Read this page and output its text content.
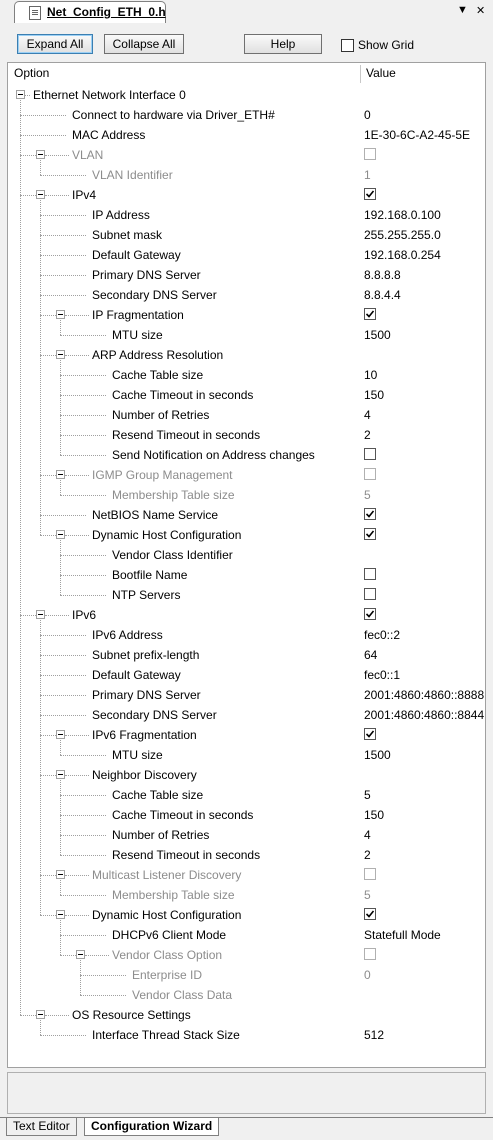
Net_Config_ETH_0.h	▼ ✕
Expand All	Collapse All	Help	Show Grid
Option	Value
Ethernet Network Interface 0
Connect to hardware via Driver_ETH#	0
MAC Address	1E-30-6C-A2-45-5E
VLAN
VLAN Identifier	1
IPv4
IP Address	192.168.0.100
Subnet mask	255.255.255.0
Default Gateway	192.168.0.254
Primary DNS Server	8.8.8.8
Secondary DNS Server	8.8.4.4
IP Fragmentation
MTU size	1500
ARP Address Resolution
Cache Table size	10
Cache Timeout in seconds	150
Number of Retries	4
Resend Timeout in seconds	2
Send Notification on Address changes
IGMP Group Management
Membership Table size	5
NetBIOS Name Service
Dynamic Host Configuration
Vendor Class Identifier
Bootfile Name
NTP Servers
IPv6
IPv6 Address	fec0::2
Subnet prefix-length	64
Default Gateway	fec0::1
Primary DNS Server	2001:4860:4860::8888
Secondary DNS Server	2001:4860:4860::8844
IPv6 Fragmentation
MTU size	1500
Neighbor Discovery
Cache Table size	5
Cache Timeout in seconds	150
Number of Retries	4
Resend Timeout in seconds	2
Multicast Listener Discovery
Membership Table size	5
Dynamic Host Configuration
DHCPv6 Client Mode	Statefull Mode
Vendor Class Option
Enterprise ID	0
Vendor Class Data
OS Resource Settings
Interface Thread Stack Size	512
Text Editor	Configuration Wizard
